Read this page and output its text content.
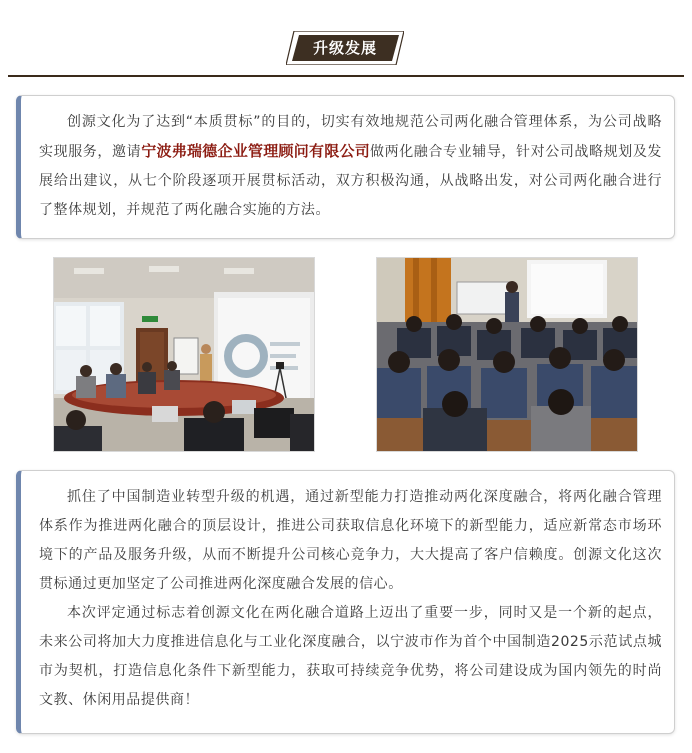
升级发展

创源文化为了达到“本质贯标”的目的，切实有效地规范公司两化融合管理体系，为公司战略实现服务，邀请宁波弗瑞德企业管理顾问有限公司做两化融合专业辅导，针对公司战略规划及发展给出建议，从七个阶段逐项开展贯标活动，双方积极沟通，从战略出发，对公司两化融合进行了整体规划，并规范了两化融合实施的方法。

抓住了中国制造业转型升级的机遇，通过新型能力打造推动两化深度融合，将两化融合管理体系作为推进两化融合的顶层设计，推进公司获取信息化环境下的新型能力，适应新常态市场环境下的产品及服务升级，从而不断提升公司核心竞争力，大大提高了客户信赖度。创源文化这次贯标通过更加坚定了公司推进两化深度融合发展的信心。

本次评定通过标志着创源文化在两化融合道路上迈出了重要一步，同时又是一个新的起点，未来公司将加大力度推进信息化与工业化深度融合，以宁波市作为首个中国制造2025示范试点城市为契机，打造信息化条件下新型能力，获取可持续竞争优势，将公司建设成为国内领先的时尚文教、休闲用品提供商！
